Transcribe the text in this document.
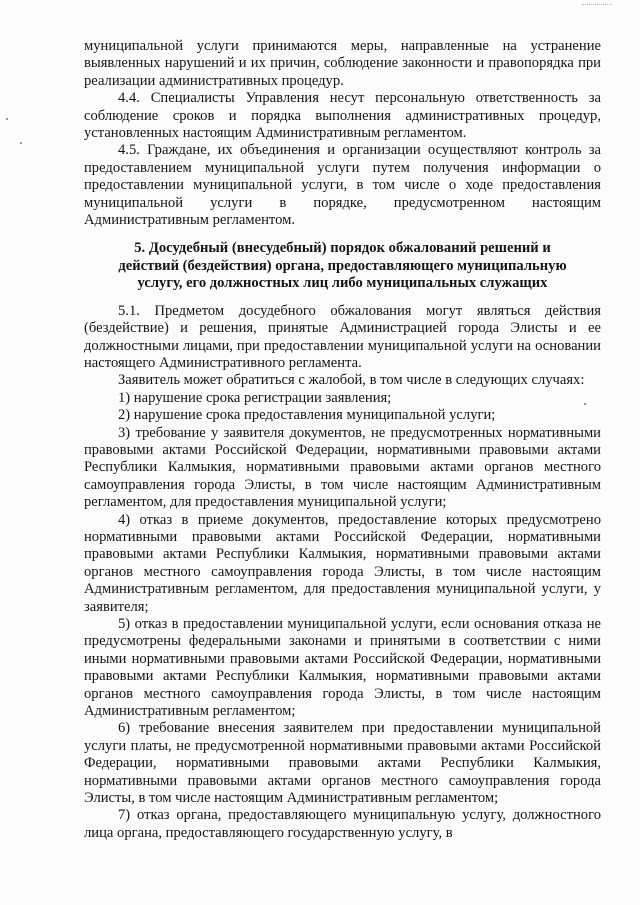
муниципальной услуги принимаются меры, направленные на устранение выявленных нарушений и их причин, соблюдение законности и правопорядка при реализации административных процедур.

4.4. Специалисты Управления несут персональную ответственность за соблюдение сроков и порядка выполнения административных процедур, установленных настоящим Административным регламентом.

4.5. Граждане, их объединения и организации осуществляют контроль за предоставлением муниципальной услуги путем получения информации о предоставлении муниципальной услуги, в том числе о ходе предоставления муниципальной услуги в порядке, предусмотренном настоящим Административным регламентом.

5. Досудебный (внесудебный) порядок обжалований решений и действий (бездействия) органа, предоставляющего муниципальную услугу, его должностных лиц либо муниципальных служащих

5.1. Предметом досудебного обжалования могут являться действия (бездействие) и решения, принятые Администрацией города Элисты и ее должностными лицами, при предоставлении муниципальной услуги на основании настоящего Административного регламента.

Заявитель может обратиться с жалобой, в том числе в следующих случаях:

1) нарушение срока регистрации заявления;

2) нарушение срока предоставления муниципальной услуги;

3) требование у заявителя документов, не предусмотренных нормативными правовыми актами Российской Федерации, нормативными правовыми актами Республики Калмыкия, нормативными правовыми актами органов местного самоуправления города Элисты, в том числе настоящим Административным регламентом, для предоставления муниципальной услуги;

4) отказ в приеме документов, предоставление которых предусмотрено нормативными правовыми актами Российской Федерации, нормативными правовыми актами Республики Калмыкия, нормативными правовыми актами органов местного самоуправления города Элисты, в том числе настоящим Административным регламентом, для предоставления муниципальной услуги, у заявителя;

5) отказ в предоставлении муниципальной услуги, если основания отказа не предусмотрены федеральными законами и принятыми в соответствии с ними иными нормативными правовыми актами Российской Федерации, нормативными правовыми актами Республики Калмыкия, нормативными правовыми актами органов местного самоуправления города Элисты, в том числе настоящим Административным регламентом;

6) требование внесения заявителем при предоставлении муниципальной услуги платы, не предусмотренной нормативными правовыми актами Российской Федерации, нормативными правовыми актами Республики Калмыкия, нормативными правовыми актами органов местного самоуправления города Элисты, в том числе настоящим Административным регламентом;

7) отказ органа, предоставляющего муниципальную услугу, должностного лица органа, предоставляющего государственную услугу, в
